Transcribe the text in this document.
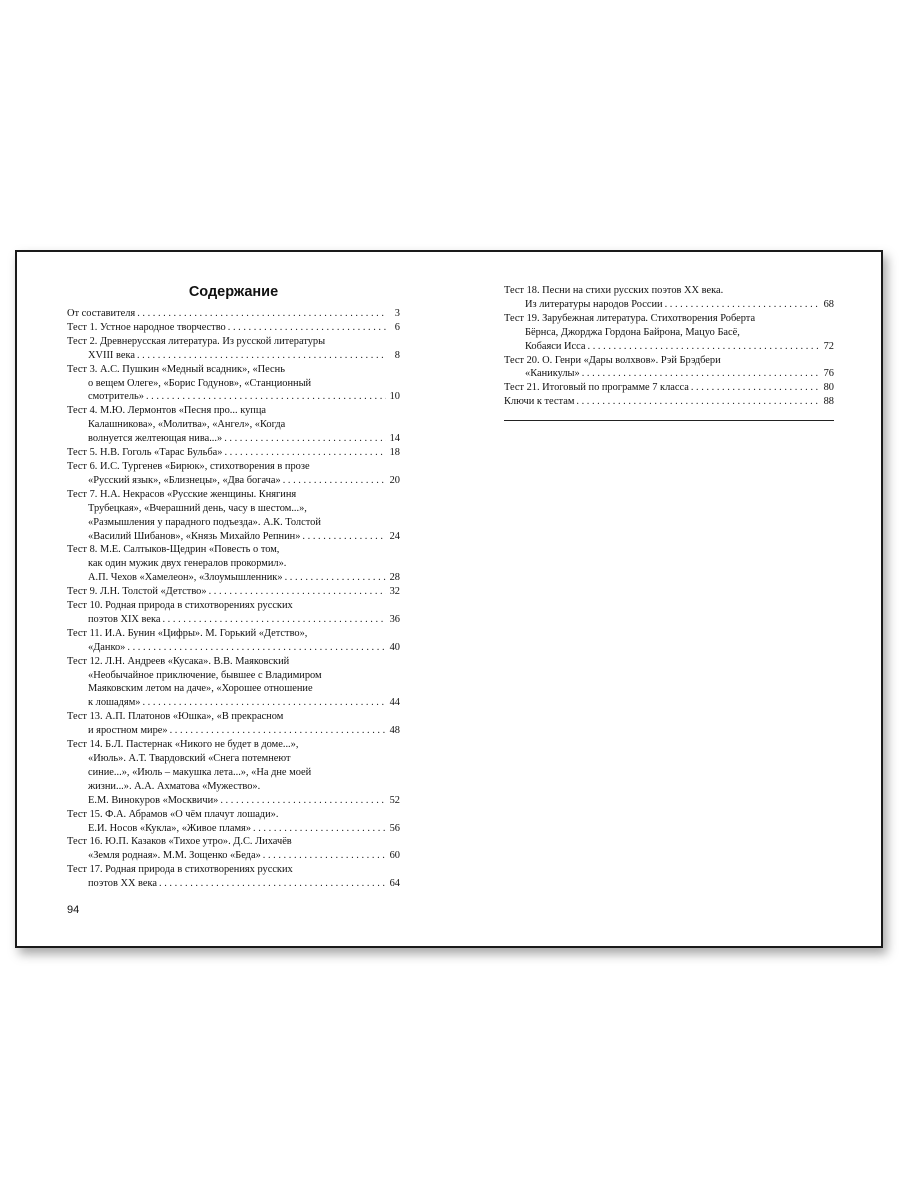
Содержание
От составителя . . .	3
Тест 1. Устное народное творчество . . .	6
Тест 2. Древнерусская литература. Из русской литературы
XVIII века . . .	8
Тест 3. А.С. Пушкин «Медный всадник», «Песнь
о вещем Олеге», «Борис Годунов», «Станционный
смотритель» . . .	10
Тест 4. М.Ю. Лермонтов «Песня про... купца
Калашникова», «Молитва», «Ангел», «Когда
волнуется желтеющая нива...» . . .	14
Тест 5. Н.В. Гоголь «Тарас Бульба» . . .	18
Тест 6. И.С. Тургенев «Бирюк», стихотворения в прозе
«Русский язык», «Близнецы», «Два богача» . . .	20
Тест 7. Н.А. Некрасов «Русские женщины. Княгиня
Трубецкая», «Вчерашний день, часу в шестом...»,
«Размышления у парадного подъезда». А.К. Толстой
«Василий Шибанов», «Князь Михайло Репнин» . . .	24
Тест 8. М.Е. Салтыков-Щедрин «Повесть о том,
как один мужик двух генералов прокормил».
А.П. Чехов «Хамелеон», «Злоумышленник» . . .	28
Тест 9. Л.Н. Толстой «Детство» . . .	32
Тест 10. Родная природа в стихотворениях русских
поэтов XIX века . . .	36
Тест 11. И.А. Бунин «Цифры». М. Горький «Детство»,
«Данко» . . .	40
Тест 12. Л.Н. Андреев «Кусака». В.В. Маяковский
«Необычайное приключение, бывшее с Владимиром
Маяковским летом на даче», «Хорошее отношение
к лошадям» . . .	44
Тест 13. А.П. Платонов «Юшка», «В прекрасном
и яростном мире» . . .	48
Тест 14. Б.Л. Пастернак «Никого не будет в доме...»,
«Июль». А.Т. Твардовский «Снега потемнеют
синие...», «Июль – макушка лета...», «На дне моей
жизни...». А.А. Ахматова «Мужество».
Е.М. Винокуров «Москвичи» . . .	52
Тест 15. Ф.А. Абрамов «О чём плачут лошади».
Е.И. Носов «Кукла», «Живое пламя» . . .	56
Тест 16. Ю.П. Казаков «Тихое утро». Д.С. Лихачёв
«Земля родная». М.М. Зощенко «Беда» . . .	60
Тест 17. Родная природа в стихотворениях русских
поэтов XX века . . .	64
Тест 18. Песни на стихи русских поэтов XX века.
Из литературы народов России . . .	68
Тест 19. Зарубежная литература. Стихотворения Роберта
Бёрнса, Джорджа Гордона Байрона, Мацуо Басё,
Кобаяси Исса . . .	72
Тест 20. О. Генри «Дары волхвов». Рэй Брэдбери
«Каникулы» . . .	76
Тест 21. Итоговый по программе 7 класса . . .	80
Ключи к тестам . . .	88
94
